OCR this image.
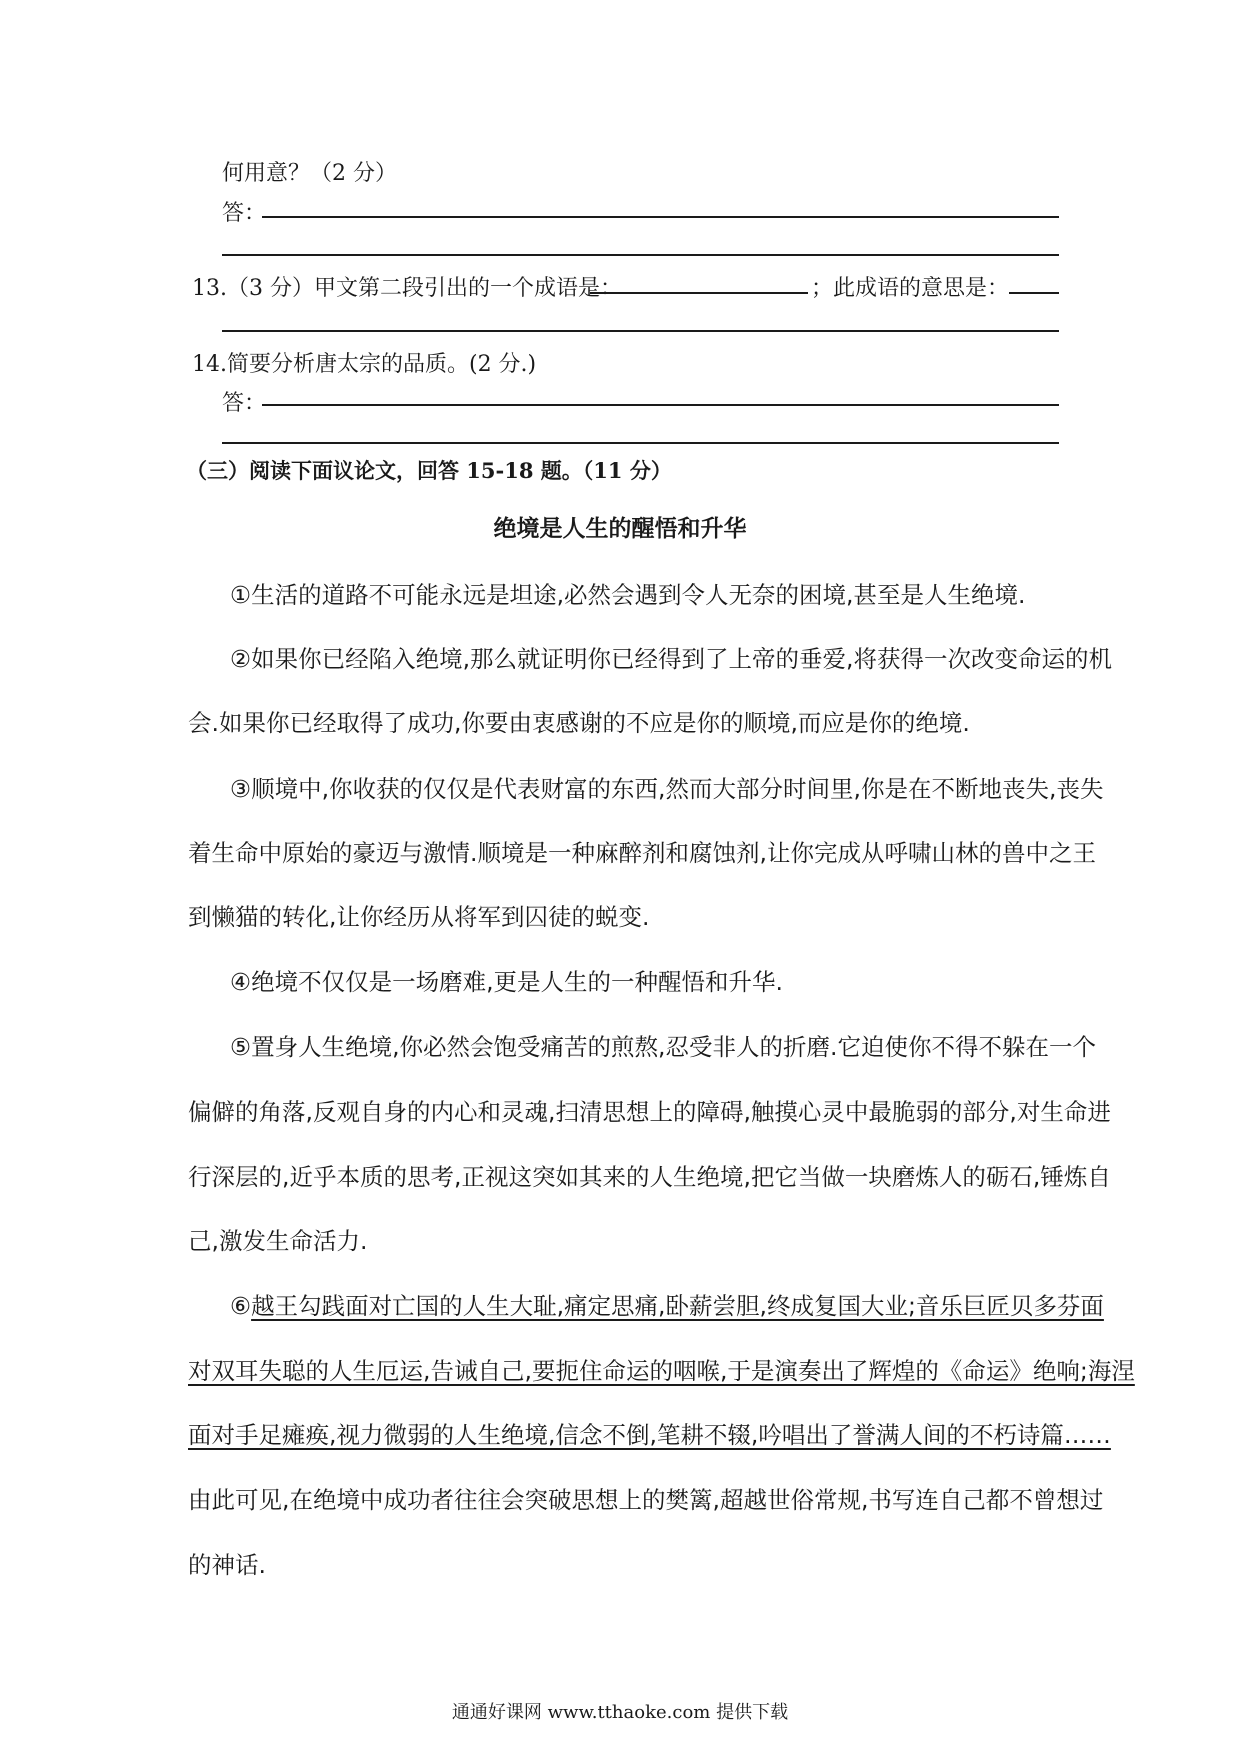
何用意？（2 分）
答：
13.（3 分）甲文第二段引出的一个成语是：	；此成语的意思是：
14.简要分析唐太宗的品质。(2 分.)
答：
（三）阅读下面议论文，回答 15-18 题。（11 分）
绝境是人生的醒悟和升华
①生活的道路不可能永远是坦途,必然会遇到令人无奈的困境,甚至是人生绝境.
②如果你已经陷入绝境,那么就证明你已经得到了上帝的垂爱,将获得一次改变命运的机
会.如果你已经取得了成功,你要由衷感谢的不应是你的顺境,而应是你的绝境.
③顺境中,你收获的仅仅是代表财富的东西,然而大部分时间里,你是在不断地丧失,丧失
着生命中原始的豪迈与激情.顺境是一种麻醉剂和腐蚀剂,让你完成从呼啸山林的兽中之王
到懒猫的转化,让你经历从将军到囚徒的蜕变.
④绝境不仅仅是一场磨难,更是人生的一种醒悟和升华.
⑤置身人生绝境,你必然会饱受痛苦的煎熬,忍受非人的折磨.它迫使你不得不躲在一个
偏僻的角落,反观自身的内心和灵魂,扫清思想上的障碍,触摸心灵中最脆弱的部分,对生命进
行深层的,近乎本质的思考,正视这突如其来的人生绝境,把它当做一块磨炼人的砺石,锤炼自
己,激发生命活力.
⑥越王勾践面对亡国的人生大耻,痛定思痛,卧薪尝胆,终成复国大业;音乐巨匠贝多芬面
对双耳失聪的人生厄运,告诫自己,要扼住命运的咽喉,于是演奏出了辉煌的《命运》绝响;海涅
面对手足瘫痪,视力微弱的人生绝境,信念不倒,笔耕不辍,吟唱出了誉满人间的不朽诗篇……
由此可见,在绝境中成功者往往会突破思想上的樊篱,超越世俗常规,书写连自己都不曾想过
的神话.
通通好课网 www.tthaoke.com 提供下载
